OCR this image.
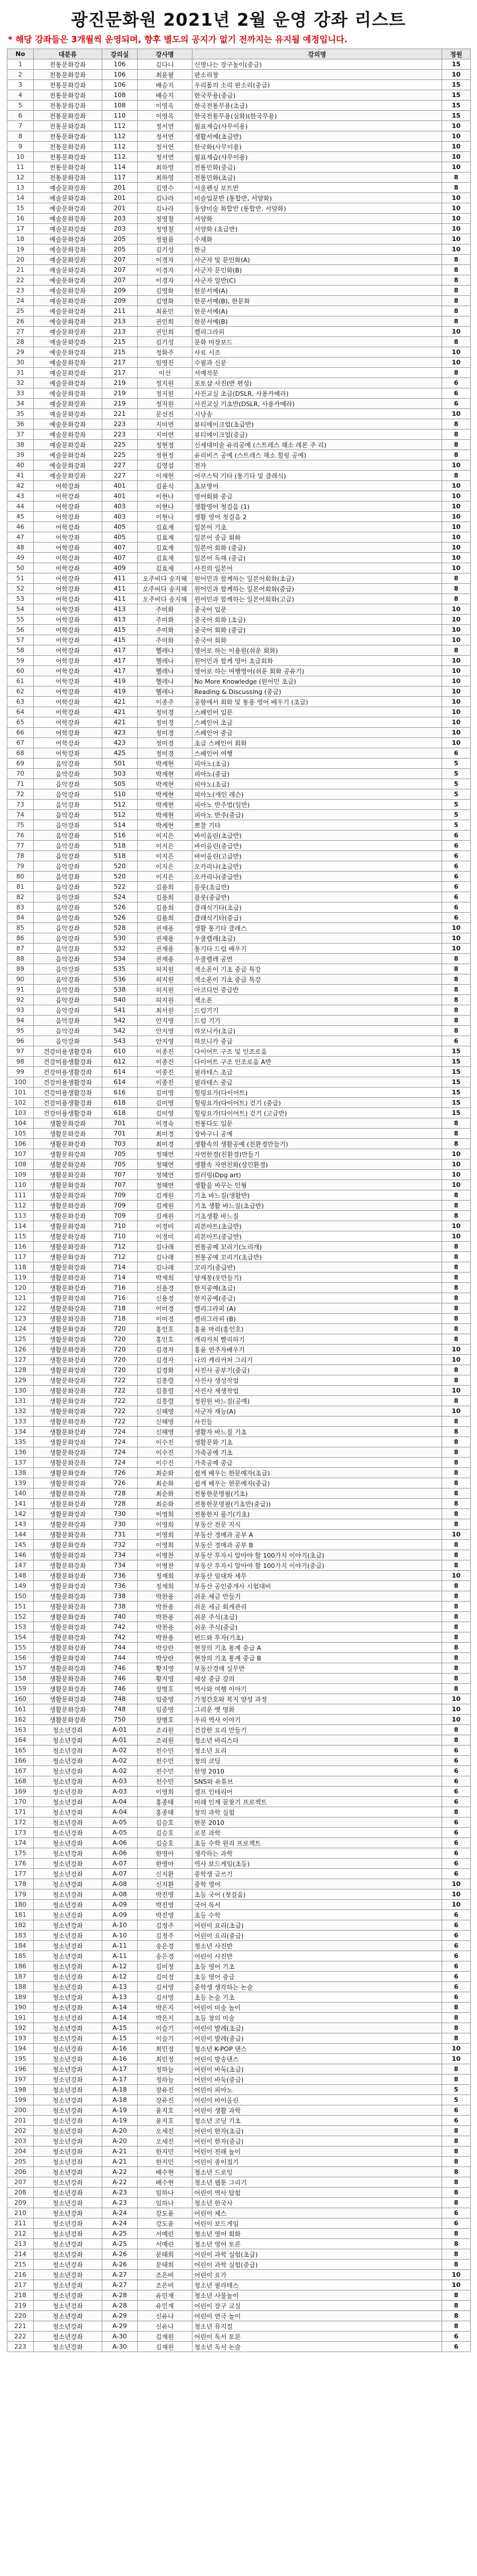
광진문화원 2021년 2월 운영 강좌 리스트
* 해당 강좌들은 3개월씩 운영되며, 향후 별도의 공지가 없기 전까지는 유지될 예정입니다.
No	대분류	강의실	강사명	강의명	정원
1	전통문화강좌	106	김다니	신명나는 장구놀이(중급)	15
2	전통문화강좌	106	최윤필	판소리창	10
3	전통문화강좌	106	배승지	우리몸의 소리 판소리(중급)	15
4	전통문화강좌	108	배승지	한국무용(중급)	15
5	전통문화강좌	108	이영옥	한국전통무용(초급)	15
6	전통문화강좌	110	이영옥	한국전통무용(심화)(한국무용)	15
7	전통문화강좌	112	정서연	월표재습(사무이용)	10
8	전통문화강좌	112	정서연	생활서예(초급반)	10
9	전통문화강좌	112	정서연	한국화(사무이용)	10
10	전통문화강좌	112	정서연	월표재습(사무이용)	10
11	전통문화강좌	114	최하영	전통민화(중급)	10
12	전통문화강좌	117	최하영	전통민화(초급)	8
13	예술문화강좌	201	김영수	서울펜싱 보트반	8
14	예술문화강좌	201	김나라	미술입문반 (통합반, 서양화)	10
15	예술문화강좌	201	김나라	동양미술 화합반 (통합반, 서양화)	10
16	예술문화강좌	203	정영철	서양화	10
17	예술문화강좌	203	정영철	서양화 (초급반)	10
18	예술문화강좌	205	정필름	수채화	10
19	예술문화강좌	205	김기성	한글	10
20	예술문화강좌	207	이경자	사군자 및 문인화(A)	8
21	예술문화강좌	207	이경자	사군자 문인화(B)	8
22	예술문화강좌	207	이경자	사군자 일반(C)	8
23	예술문화강좌	209	김영화	한문서예(A)	8
24	예술문화강좌	209	김영화	한문서예(B), 한문화	8
25	예술문화강좌	211	최윤민	한문서예(A)	8
26	예술문화강좌	213	권인희	한문서예(B)	8
27	예술문화강좌	213	권인희	캘리그라피	10
28	예술문화강좌	215	김기성	문화 미장보드	8
29	예술문화강좌	215	정화주	사료 시조	10
30	예술문화강좌	217	임영진	수필과 신문	10
31	예술문화강좌	217	이선	서예작문	8
32	예술문화강좌	219	정지원	포토샵 사진(반 편성)	6
33	예술문화강좌	219	정지원	사진교실 초급(DSLR, 사용카메라)	6
34	예술문화강좌	219	정지원	사진교실 기초반(DSLR, 사용카메라)	6
35	예술문화강좌	221	문선진	시낭송	10
36	예술문화강좌	223	지미연	뷰티메이크업(초급반)	8
37	예술문화강좌	223	지미연	뷰티메이크업(중급)	8
38	예술문화강좌	225	정현정	신세대미술 유리공예 (스트레스 해소 레몬 주 리)	8
39	예술문화강좌	225	정현정	유리비즈 공예 (스트레스 해소 힐링 공예)	8
40	예술문화강좌	227	김영섭	전자	10
41	예술문화강좌	227	이재현	어쿠스틱 기타 (통기타 및 클래식)	8
42	어학강좌	401	김윤식	초보영어	10
43	어학강좌	401	이현나	영어회화 중급	10
44	어학강좌	403	이현나	생활영어 첫걸음 (1)	10
45	어학강좌	403	이현나	생활 영어 첫걸음 2	10
46	어학강좌	405	김효재	일본어 기초	10
47	어학강좌	405	김효재	일본어 중급 회화	10
48	어학강좌	407	김효재	일본어 회화 (중급)	10
49	어학강좌	407	김효재	일본어 독해 (중급)	10
50	어학강좌	409	김효재	사진의 일본어	10
51	어학강좌	411	오주비다 송지혜	원어민과 함께하는 일본어회화(초급)	8
52	어학강좌	411	오주비다 송지혜	원어민과 함께하는 일본어회화(중급)	8
53	어학강좌	411	오주비다 송지혜	원어민과 함께하는 일본어회화(고급)	8
54	어학강좌	413	주미화	중국어 입문	10
55	어학강좌	413	주미화	중국어 회화 (초급)	10
56	어학강좌	415	주미화	중국어 회화 (중급)	10
57	어학강좌	415	주미화	중국어 회화	10
58	어학강좌	417	헬레나	영어로 하는 이용원(쉬운 회화)	8
59	어학강좌	417	헬레나	원어민과 함께 영어 초급회화	10
60	어학강좌	417	헬레나	영어로 하는 여행영어(쉬운 회화 공유기)	10
61	어학강좌	419	헬레나	No More Knowledge (원어민 초급)	10
62	어학강좌	419	헬레나	Reading & Discussing (중급)	10
63	어학강좌	421	이종주	공항에서 회화 및 통용 영어 배우기 (초급)	10
64	어학강좌	421	정미경	스페인어 입문	10
65	어학강좌	421	정미경	스페인어 초급	10
66	어학강좌	423	정미경	스페인어 중급	10
67	어학강좌	423	정미경	초급 스페인어 회화	10
68	어학강좌	425	정미경	스페인어 여행	6
69	음악강좌	501	박계현	피아노(초급)	5
70	음악강좌	503	박계현	피아노(중급)	5
71	음악강좌	505	박계현	피아노(초급)	5
72	음악강좌	510	박계현	피아노(개인 레슨)	5
73	음악강좌	512	박계현	피아노 반주법(일반)	5
74	음악강좌	512	박계현	피아노 반주(중급)	5
75	음악강좌	514	박계현	뽀찰 기타	5
76	음악강좌	516	이지은	바이올린(초급반)	6
77	음악강좌	518	이지은	바이올린(중급반)	6
78	음악강좌	518	이지은	바이올린(고급반)	6
79	음악강좌	520	이지은	오카리나(초급반)	6
80	음악강좌	520	이지은	오카리나(중급반)	6
81	음악강좌	522	김용희	플룻(초급반)	6
82	음악강좌	524	김용희	플룻(중급반)	6
83	음악강좌	526	김용희	클래식기타(초급)	6
84	음악강좌	526	김용희	클래식기타(중급)	6
85	음악강좌	528	권재용	생활 통기타 클래스	10
86	음악강좌	530	권재용	우쿨렐레(초급)	10
87	음악강좌	532	권재용	통기타 드럼 배우기	10
88	음악강좌	534	권재용	우쿨렐레 공연	8
89	음악강좌	535	허지원	색소폰이 기초 중급 특강	8
90	음악강좌	536	허지원	색소폰이 기초 중급 특강	8
91	음악강좌	538	허지원	아코디언 중급반	8
92	음악강좌	540	허지원	색소폰	8
93	음악강좌	541	최서원	드럼기기	8
94	음악강좌	542	안지영	드럼 기기	8
95	음악강좌	542	안지영	하모니카(초급)	8
96	음악강좌	543	안지영	하모니카 중급	6
97	건강미용생활강좌	610	이종진	다이어트 구조 및 인조로움	15
98	건강미용생활강좌	612	이종진	다이어트 구조 인조로움 A반	15
99	건강미용생활강좌	614	이종진	필라테스 초급	15
100	건강미용생활강좌	614	이종진	필라테스 중급	15
101	건강미용생활강좌	616	김미영	힐링요가(다이어트)	15
102	건강미용생활강좌	618	김미영	힐링요가(다이어트) 걷기 (중급)	15
103	건강미용생활강좌	618	김미영	힐링요가(다이어트) 걷기 (고급반)	15
104	생활문화강좌	701	이경숙	전통다도 입문	8
105	생활문화강좌	701	최미경	장바구니 공예	8
106	생활문화강좌	703	최미경	생활속의 생활공예 (친환경만들기)	8
107	생활문화강좌	705	정혜연	자연한경(친환경)만들기	10
108	생활문화강좌	705	정혜연	생활속 자연친화(성인환경)	10
109	생활문화강좌	707	정혜연	컬러링(Dpg art)	10
110	생활문화강좌	707	정혜연	생활을 바꾸는 인형	10
111	생활문화강좌	709	김계원	기초 바느질(생활반)	8
112	생활문화강좌	709	김계원	기초 생활 바느질(초급반)	8
113	생활문화강좌	709	김계원	기초생활 바느질	8
114	생활문화강좌	710	이경미	리본아트(초급반)	10
115	생활문화강좌	710	이경미	리본아트(중급반)	10
116	생활문화강좌	712	김나래	전통공예 꼬리기(노리개)	8
117	생활문화강좌	712	김나래	전통공예 꼬리기(초급반)	8
118	생활문화강좌	714	김나래	꼬리기(중급반)	8
119	생활문화강좌	714	박재희	양재봉(옷만들기)	8
120	생활문화강좌	716	신용경	한지공예(초급)	8
121	생활문화강좌	716	신용경	한지공예(중급)	8
122	생활문화강좌	718	이미경	캘리그라피 (A)	8
123	생활문화강좌	718	이미경	캘리그라피 (B)	8
124	생활문화강좌	720	홍인호	홍윤 마리(홍인호)	8
125	생활문화강좌	720	홍인호	캐리커처 빨리하기	8
126	생활문화강좌	720	김경자	홍윤 연주자배우기	10
127	생활문화강좌	720	김경자	나의 캐리커처 그리기	10
128	생활문화강좌	720	김경화	사진사 공부기(중급)	8
129	생활문화강좌	722	김흥렬	사진사 생성작업	8
130	생활문화강좌	722	김흥렬	사진사 재생작업	10
131	생활문화강좌	722	김흥렬	정원원 바느질(공예)	8
132	생활문화강좌	722	신혜영	사군자 재능(A)	10
133	생활문화강좌	722	신혜영	사진들	8
134	생활문화강좌	724	신혜영	생활자 바느질 기초	8
135	생활문화강좌	724	이수진	생활문화 기초	8
136	생활문화강좌	724	이수진	가죽공예 기초	8
137	생활문화강좌	724	이수진	가죽공예 중급	8
138	생활문화강좌	726	최순화	쉽게 배우는 한문예자(초급)	8
139	생활문화강좌	726	최순화	쉽게 배우는 한문예자(중급)	8
140	생활문화강좌	728	최순화	전통한문명필(기초)	8
141	생활문화강좌	728	최순화	전통한문명필(기초반(중급))	8
142	생활문화강좌	730	이영희	전통한지 풀기(기초)	8
143	생활문화강좌	730	이영희	부동산 전문 지식	8
144	생활문화강좌	731	이영희	부동산 경매과 공부 A	10
145	생활문화강좌	732	이영희	부동산 경매과 공부 B	8
146	생활문화강좌	734	이병찬	부동산 투자시 알아야 할 100가지 이야기(초급)	8
147	생활문화강좌	734	이병찬	부동산 투자시 알아야 할 100가지 이야기(중급)	8
148	생활문화강좌	736	정재희	부동산 임대차 세무	10
149	생활문화강좌	736	정재희	부동산 공인중개사 시험대비	8
150	생활문화강좌	738	박찬용	쉬운 세금 만들기	8
151	생활문화강좌	738	박찬용	쉬운 세금 회계관리	8
152	생활문화강좌	740	박찬용	쉬운 주식(초급)	8
153	생활문화강좌	742	박찬용	쉬운 주식(중급)	8
154	생활문화강좌	742	박찬용	펀드와 투자(기초)	8
155	생활문화강좌	744	박상란	현장의 기초 통계 중급 A	8
156	생활문화강좌	744	박상란	현장의 기초 통계 중급 B	8
157	생활문화강좌	746	황지영	부동산경매 실무반	8
158	생활문화강좌	746	황지영	세상 중급 강의	8
159	생활문화강좌	746	장병호	역사와 여행 이야기	8
160	생활문화강좌	748	임중영	가정간호와 복지 양성 과정	10
161	생활문화강좌	748	임중영	그리운 옛 명화	10
162	생활문화강좌	750	장병호	우리 역사 이야기	10
163	청소년강좌	A-01	조리원	건강한 요리 만들기	8
164	청소년강좌	A-01	조리원	청소년 바리스타	8
165	청소년강좌	A-02	전수민	청소년 요리	6
166	청소년강좌	A-02	전수민	창의 코딩	6
167	청소년강좌	A-02	전수민	한영 2010	6
168	청소년강좌	A-03	전수민	SNS와 유튜브	6
169	청소년강좌	A-03	이영희	셀프 인테리어	6
170	청소년강좌	A-04	홍종태	미래 인재 꿈찾기 프로젝트	6
171	청소년강좌	A-04	홍종태	창의 과학 실험	8
172	청소년강좌	A-05	김승호	한문 2010	6
173	청소년강좌	A-05	김승호	로봇 과학	6
174	청소년강좌	A-06	김승호	초등 수학 원리 프로젝트	6
175	청소년강좌	A-06	한영아	생각하는 과학	6
176	청소년강좌	A-07	한영아	역사 보드게임(초등)	6
177	청소년강좌	A-07	신지환	중학생 글쓰기	6
178	청소년강좌	A-08	신지환	중학 영어	10
179	청소년강좌	A-08	박진영	초등 국어 (첫걸음)	10
180	청소년강좌	A-09	박진영	국어 독서	10
181	청소년강좌	A-09	박진영	초등 수학	6
182	청소년강좌	A-10	김정주	어린이 요리(초급)	6
183	청소년강좌	A-10	김정주	어린이 요리(중급)	6
184	청소년강좌	A-11	송은경	청소년 사진반	6
185	청소년강좌	A-11	송은경	어린이 사진반	6
186	청소년강좌	A-12	김미정	초등 영어 기초	6
187	청소년강좌	A-12	김미정	초등 영어 중급	6
188	청소년강좌	A-13	김서영	중학생 생각하는 논술	6
189	청소년강좌	A-13	김서영	초등 논술 기초	6
190	청소년강좌	A-14	박은지	어린이 미술 놀이	8
191	청소년강좌	A-14	박은지	초등 창의 미술	8
192	청소년강좌	A-15	이슬기	어린이 발레(초급)	8
193	청소년강좌	A-15	이슬기	어린이 발레(중급)	8
194	청소년강좌	A-16	최민정	청소년 K-POP 댄스	10
195	청소년강좌	A-16	최민정	어린이 방송댄스	10
196	청소년강좌	A-17	정하늘	어린이 바둑(초급)	8
197	청소년강좌	A-17	정하늘	어린이 바둑(중급)	8
198	청소년강좌	A-18	장유진	어린이 피아노	5
199	청소년강좌	A-18	장유진	어린이 바이올린	5
200	청소년강좌	A-19	윤지호	어린이 생활 과학	6
201	청소년강좌	A-19	윤지호	청소년 코딩 기초	6
202	청소년강좌	A-20	오세진	어린이 한자(초급)	8
203	청소년강좌	A-20	오세진	어린이 한자(중급)	8
204	청소년강좌	A-21	한지민	어린이 전래 놀이	8
205	청소년강좌	A-21	한지민	어린이 종이접기	8
206	청소년강좌	A-22	배수현	청소년 드로잉	8
207	청소년강좌	A-22	배수현	청소년 웹툰 그리기	8
208	청소년강좌	A-23	임하나	어린이 역사 탐험	8
209	청소년강좌	A-23	임하나	청소년 한국사	8
210	청소년강좌	A-24	강도윤	어린이 체스	6
211	청소년강좌	A-24	강도윤	어린이 보드게임	6
212	청소년강좌	A-25	서예린	청소년 영어 회화	8
213	청소년강좌	A-25	서예린	청소년 영어 토론	8
214	청소년강좌	A-26	문태희	어린이 과학 실험(초급)	8
215	청소년강좌	A-26	문태희	어린이 과학 실험(중급)	8
216	청소년강좌	A-27	조은비	어린이 요가	10
217	청소년강좌	A-27	조은비	청소년 필라테스	10
218	청소년강좌	A-28	유민재	청소년 사물놀이	8
219	청소년강좌	A-28	유민재	어린이 장구 교실	8
220	청소년강좌	A-29	신유나	어린이 연극 놀이	8
221	청소년강좌	A-29	신유나	청소년 뮤지컬	8
222	청소년강좌	A-30	김재원	어린이 독서 토론	6
223	청소년강좌	A-30	김재원	청소년 독서 논술	6
